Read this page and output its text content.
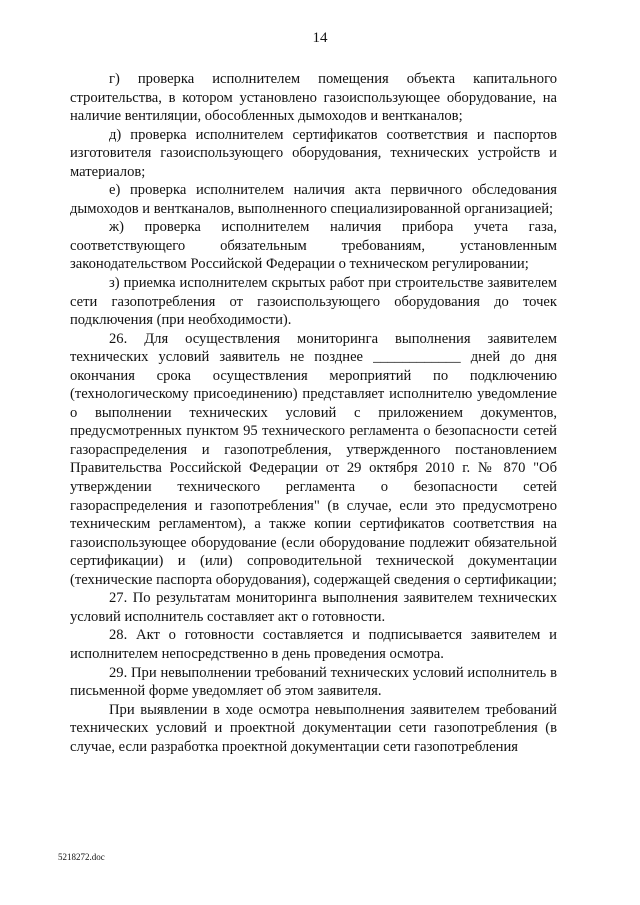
14

г) проверка исполнителем помещения объекта капитального строительства, в котором установлено газоиспользующее оборудование, на наличие вентиляции, обособленных дымоходов и вентканалов;

д) проверка исполнителем сертификатов соответствия и паспортов изготовителя газоиспользующего оборудования, технических устройств и материалов;

е) проверка исполнителем наличия акта первичного обследования дымоходов и вентканалов, выполненного специализированной организацией;

ж) проверка исполнителем наличия прибора учета газа, соответствующего обязательным требованиям, установленным законодательством Российской Федерации о техническом регулировании;

з) приемка исполнителем скрытых работ при строительстве заявителем сети газопотребления от газоиспользующего оборудования до точек подключения (при необходимости).

26. Для осуществления мониторинга выполнения заявителем технических условий заявитель не позднее ____________ дней до дня окончания срока осуществления мероприятий по подключению (технологическому присоединению) представляет исполнителю уведомление о выполнении технических условий с приложением документов, предусмотренных пунктом 95 технического регламента о безопасности сетей газораспределения и газопотребления, утвержденного постановлением Правительства Российской Федерации от 29 октября 2010 г. № 870 "Об утверждении технического регламента о безопасности сетей газораспределения и газопотребления" (в случае, если это предусмотрено техническим регламентом), а также копии сертификатов соответствия на газоиспользующее оборудование (если оборудование подлежит обязательной сертификации) и (или) сопроводительной технической документации (технические паспорта оборудования), содержащей сведения о сертификации;

27. По результатам мониторинга выполнения заявителем технических условий исполнитель составляет акт о готовности.

28. Акт о готовности составляется и подписывается заявителем и исполнителем непосредственно в день проведения осмотра.

29. При невыполнении требований технических условий исполнитель в письменной форме уведомляет об этом заявителя.

При выявлении в ходе осмотра невыполнения заявителем требований технических условий и проектной документации сети газопотребления (в случае, если разработка проектной документации сети газопотребления

5218272.doc
